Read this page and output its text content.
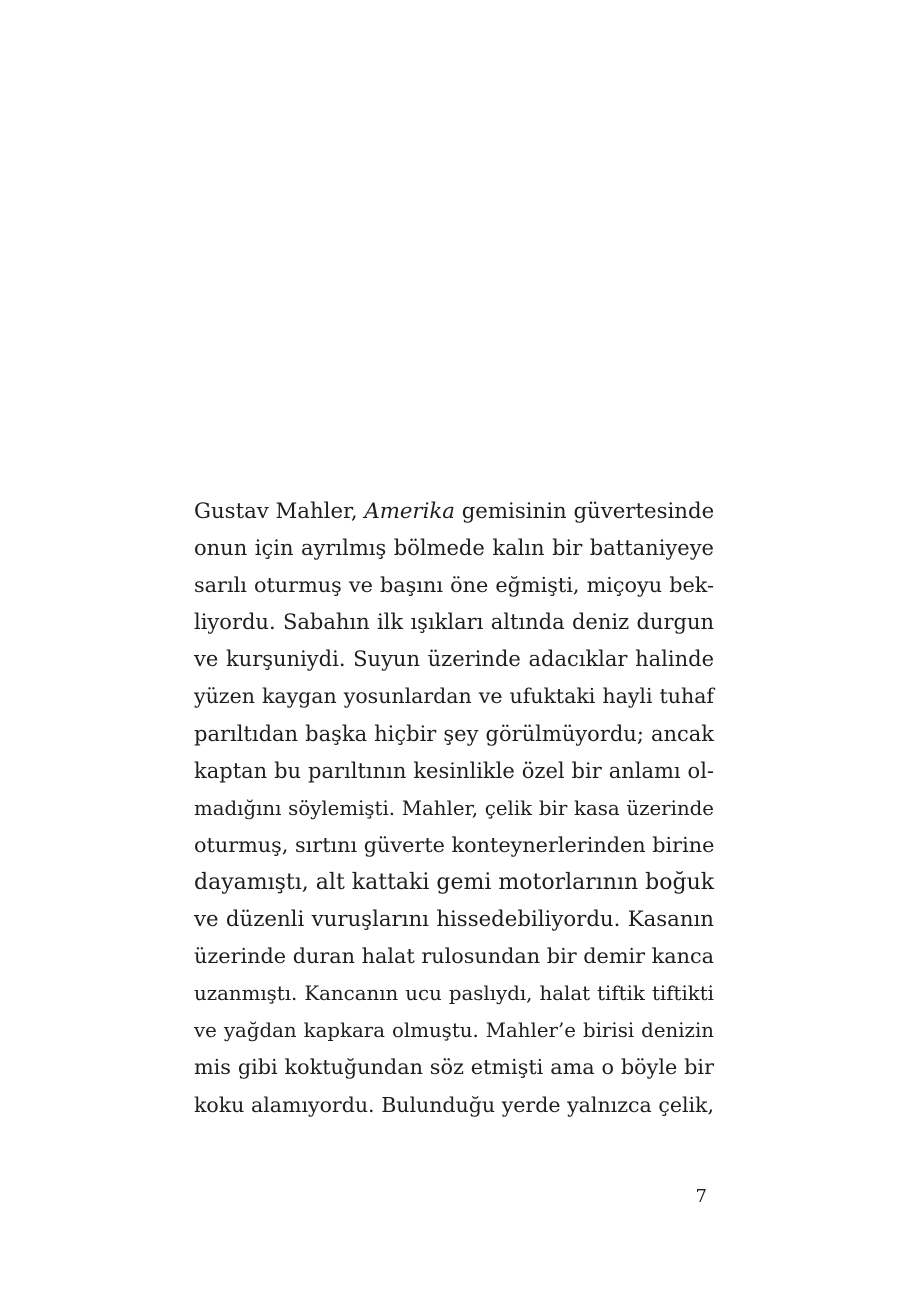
Gustav Mahler, Amerika gemisinin güvertesinde
onun için ayrılmış bölmede kalın bir battaniyeye
sarılı oturmuş ve başını öne eğmişti, miçoyu bek-
liyordu. Sabahın ilk ışıkları altında deniz durgun
ve kurşuniydi. Suyun üzerinde adacıklar halinde
yüzen kaygan yosunlardan ve ufuktaki hayli tuhaf
parıltıdan başka hiçbir şey görülmüyordu; ancak
kaptan bu parıltının kesinlikle özel bir anlamı ol-
madığını söylemişti. Mahler, çelik bir kasa üzerinde
oturmuş, sırtını güverte konteynerlerinden birine
dayamıştı, alt kattaki gemi motorlarının boğuk
ve düzenli vuruşlarını hissedebiliyordu. Kasanın
üzerinde duran halat rulosundan bir demir kanca
uzanmıştı. Kancanın ucu paslıydı, halat tiftik tiftikti
ve yağdan kapkara olmuştu. Mahler’e birisi denizin
mis gibi koktuğundan söz etmişti ama o böyle bir
koku alamıyordu. Bulunduğu yerde yalnızca çelik,
7
